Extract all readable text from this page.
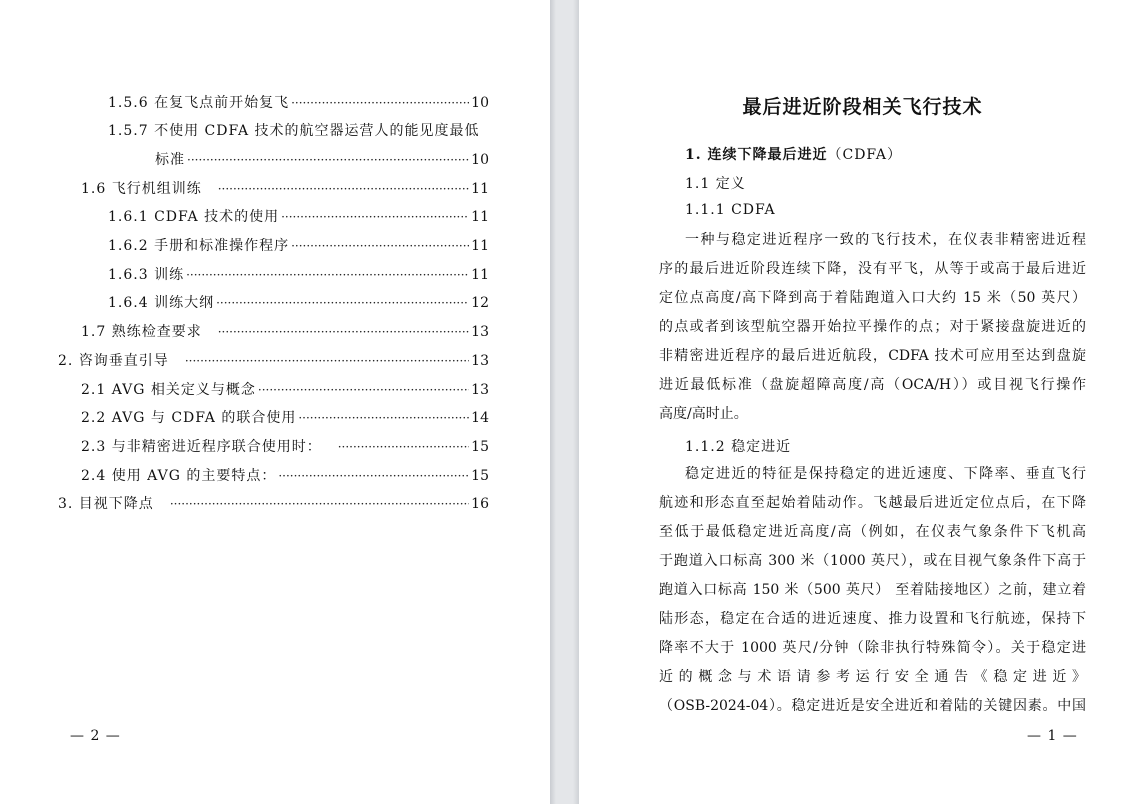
1.5.6 在复飞点前开始复飞 ·····	10
1.5.7 不使用 CDFA 技术的航空器运营人的能见度最低
标准 ·····	10
1.6 飞行机组训练 ·····	11
1.6.1 CDFA 技术的使用 ·····	11
1.6.2 手册和标准操作程序 ·····	11
1.6.3 训练 ·····	11
1.6.4 训练大纲 ·····	12
1.7 熟练检查要求 ·····	13
2. 咨询垂直引导 ·····	13
2.1 AVG 相关定义与概念 ·····	13
2.2 AVG 与 CDFA 的联合使用 ·····	14
2.3 与非精密进近程序联合使用时： ·····	15
2.4 使用 AVG 的主要特点： ·····	15
3. 目视下降点 ·····	16
— 2 —
最后进近阶段相关飞行技术
1. 连续下降最后进近（CDFA）
1.1 定义
1.1.1 CDFA
一种与稳定进近程序一致的飞行技术，在仪表非精密进近程
序的最后进近阶段连续下降，没有平飞，从等于或高于最后进近
定位点高度/高下降到高于着陆跑道入口大约 15 米（50 英尺）
的点或者到该型航空器开始拉平操作的点；对于紧接盘旋进近的
非精密进近程序的最后进近航段，CDFA 技术可应用至达到盘旋
进近最低标准（盘旋超障高度/高（OCA/H））或目视飞行操作
高度/高时止。
1.1.2 稳定进近
稳定进近的特征是保持稳定的进近速度、下降率、垂直飞行
航迹和形态直至起始着陆动作。飞越最后进近定位点后，在下降
至低于最低稳定进近高度/高（例如，在仪表气象条件下飞机高
于跑道入口标高 300 米（1000 英尺），或在目视气象条件下高于
跑道入口标高 150 米（500 英尺） 至着陆接地区）之前，建立着
陆形态，稳定在合适的进近速度、推力设置和飞行航迹，保持下
降率不大于 1000 英尺/分钟（除非执行特殊简令）。关于稳定进
近 的 概 念 与 术 语 请 参 考 运 行 安 全 通 告 《 稳 定 进 近 》
（OSB-2024-04）。稳定进近是安全进近和着陆的关键因素。中国
— 1 —
